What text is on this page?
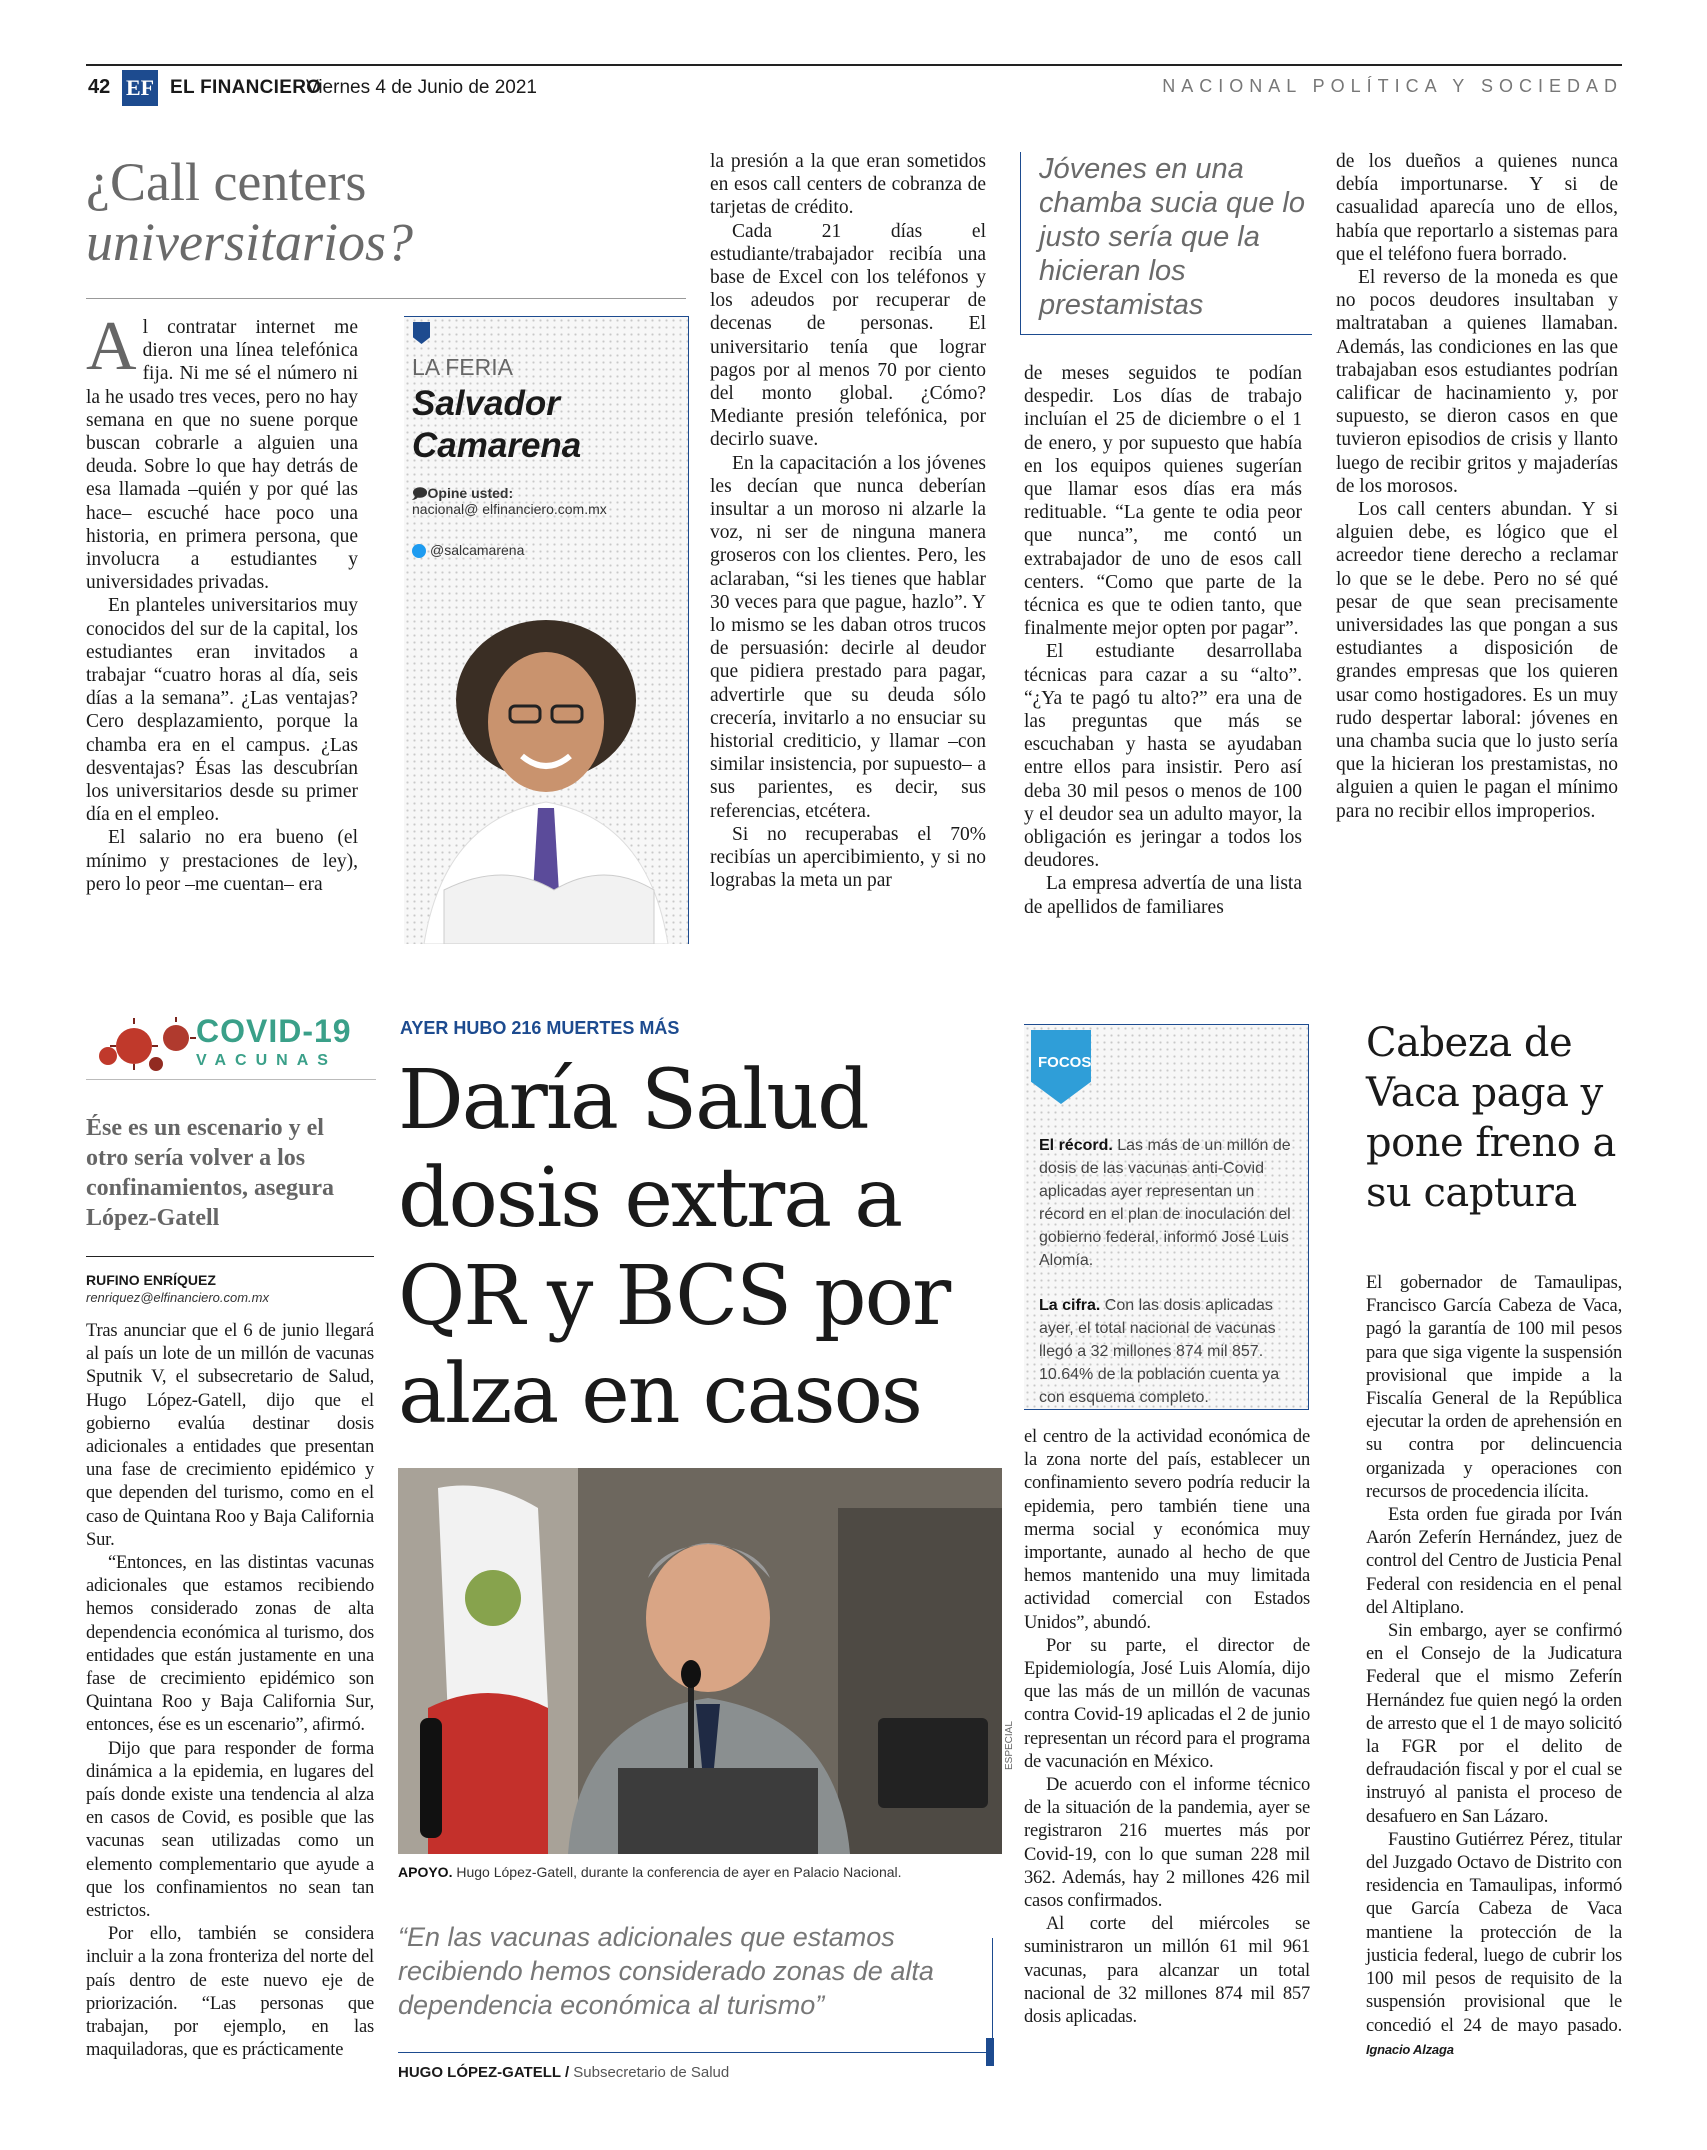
42 EF EL FINANCIERO
Viernes 4 de Junio de 2021	NACIONAL POLÍTICA Y SOCIEDAD
¿Call centers
universitarios?

Al contratar internet me dieron una línea telefónica fija. Ni me sé el número ni la he usado tres veces, pero no hay semana en que no suene porque buscan cobrarle a alguien una deuda. Sobre lo que hay detrás de esa llamada –quién y por qué las hace– escuché hace poco una historia, en primera persona, que involucra a estudiantes y universidades privadas.

En planteles universitarios muy conocidos del sur de la capital, los estudiantes eran invitados a trabajar “cuatro horas al día, seis días a la semana”. ¿Las ventajas? Cero desplazamiento, porque la chamba era en el campus. ¿Las desventajas? Ésas las descubrían los universitarios desde su primer día en el empleo.

El salario no era bueno (el mínimo y prestaciones de ley), pero lo peor –me cuentan– era

LA FERIA
Salvador
Camarena
🗩Opine usted:
nacional@ elfinanciero.com.mx
@salcamarena

la presión a la que eran sometidos en esos call centers de cobranza de tarjetas de crédito.

Cada 21 días el estudiante/trabajador recibía una base de Excel con los teléfonos y los adeudos por recuperar de decenas de personas. El universitario tenía que lograr pagos por al menos 70 por ciento del monto global. ¿Cómo? Mediante presión telefónica, por decirlo suave.

En la capacitación a los jóvenes les decían que nunca deberían insultar a un moroso ni alzarle la voz, ni ser de ninguna manera groseros con los clientes. Pero, les aclaraban, “si les tienes que hablar 30 veces para que pague, hazlo”. Y lo mismo se les daban otros trucos de persuasión: decirle al deudor que pidiera prestado para pagar, advertirle que su deuda sólo crecería, invitarlo a no ensuciar su historial crediticio, y llamar –con similar insistencia, por supuesto– a sus parientes, es decir, sus referencias, etcétera.

Si no recuperabas el 70% recibías un apercibimiento, y si no lograbas la meta un par

Jóvenes en una chamba sucia que lo justo sería que la hicieran los prestamistas

de meses seguidos te podían despedir. Los días de trabajo incluían el 25 de diciembre o el 1 de enero, y por supuesto que había en los equipos quienes sugerían que llamar esos días era más redituable. “La gente te odia peor que nunca”, me contó un extrabajador de uno de esos call centers. “Como que parte de la técnica es que te odien tanto, que finalmente mejor opten por pagar”.

El estudiante desarrollaba técnicas para cazar a su “alto”. “¿Ya te pagó tu alto?” era una de las preguntas que más se escuchaban y hasta se ayudaban entre ellos para insistir. Pero así deba 30 mil pesos o menos de 100 y el deudor sea un adulto mayor, la obligación es jeringar a todos los deudores.

La empresa advertía de una lista de apellidos de familiares

de los dueños a quienes nunca debía importunarse. Y si de casualidad aparecía uno de ellos, había que reportarlo a sistemas para que el teléfono fuera borrado.

El reverso de la moneda es que no pocos deudores insultaban y maltrataban a quienes llamaban. Además, las condiciones en las que trabajaban esos estudiantes podrían calificar de hacinamiento y, por supuesto, se dieron casos en que tuvieron episodios de crisis y llanto luego de recibir gritos y majaderías de los morosos.

Los call centers abundan. Y si alguien debe, es lógico que el acreedor tiene derecho a reclamar lo que se le debe. Pero no sé qué pesar de que sean precisamente universidades las que pongan a sus estudiantes a disposición de grandes empresas que los quieren usar como hostigadores. Es un muy rudo despertar laboral: jóvenes en una chamba sucia que lo justo sería que la hicieran los prestamistas, no alguien a quien le pagan el mínimo para no recibir ellos improperios.

COVID-19
VACUNAS
Ése es un escenario y el otro sería volver a los confinamientos, asegura López-Gatell
RUFINO ENRÍQUEZ
renriquez@elfinanciero.com.mx

Tras anunciar que el 6 de junio llegará al país un lote de un millón de vacunas Sputnik V, el subsecretario de Salud, Hugo López-Gatell, dijo que el gobierno evalúa destinar dosis adicionales a entidades que presentan una fase de crecimiento epidémico y que dependen del turismo, como en el caso de Quintana Roo y Baja California Sur.

“Entonces, en las distintas vacunas adicionales que estamos recibiendo hemos considerado zonas de alta dependencia económica al turismo, dos entidades que están justamente en una fase de crecimiento epidémico son Quintana Roo y Baja California Sur, entonces, ése es un escenario”, afirmó.

Dijo que para responder de forma dinámica a la epidemia, en lugares del país donde existe una tendencia al alza en casos de Covid, es posible que las vacunas sean utilizadas como un elemento complementario que ayude a que los confinamientos no sean tan estrictos.

Por ello, también se considera incluir a la zona fronteriza del norte del país dentro de este nuevo eje de priorización. “Las personas que trabajan, por ejemplo, en las maquiladoras, que es prácticamente

AYER HUBO 216 MUERTES MÁS
Daría Salud dosis extra a QR y BCS por alza en casos
ESPECIAL
APOYO. Hugo López-Gatell, durante la conferencia de ayer en Palacio Nacional.
“En las vacunas adicionales que estamos recibiendo hemos considerado zonas de alta dependencia económica al turismo”
HUGO LÓPEZ-GATELL / Subsecretario de Salud
FOCOS

El récord. Las más de un millón de dosis de las vacunas anti-Covid aplicadas ayer representan un récord en el plan de inoculación del gobierno federal, informó José Luis Alomía.

La cifra. Con las dosis aplicadas ayer, el total nacional de vacunas llegó a 32 millones 874 mil 857. 10.64% de la población cuenta ya con esquema completo.

el centro de la actividad económica de la zona norte del país, establecer un confinamiento severo podría reducir la epidemia, pero también tiene una merma social y económica muy importante, aunado al hecho de que hemos mantenido una muy limitada actividad comercial con Estados Unidos”, abundó.

Por su parte, el director de Epidemiología, José Luis Alomía, dijo que las más de un millón de vacunas contra Covid-19 aplicadas el 2 de junio representan un récord para el programa de vacunación en México.

De acuerdo con el informe técnico de la situación de la pandemia, ayer se registraron 216 muertes más por Covid-19, con lo que suman 228 mil 362. Además, hay 2 millones 426 mil casos confirmados.

Al corte del miércoles se suministraron un millón 61 mil 961 vacunas, para alcanzar un total nacional de 32 millones 874 mil 857 dosis aplicadas.

Cabeza de Vaca paga y pone freno a su captura

El gobernador de Tamaulipas, Francisco García Cabeza de Vaca, pagó la garantía de 100 mil pesos para que siga vigente la suspensión provisional que impide a la Fiscalía General de la República ejecutar la orden de aprehensión en su contra por delincuencia organizada y operaciones con recursos de procedencia ilícita.

Esta orden fue girada por Iván Aarón Zeferín Hernández, juez de control del Centro de Justicia Penal Federal con residencia en el penal del Altiplano.

Sin embargo, ayer se confirmó en el Consejo de la Judicatura Federal que el mismo Zeferín Hernández fue quien negó la orden de arresto que el 1 de mayo solicitó la FGR por el delito de defraudación fiscal y por el cual se instruyó al panista el proceso de desafuero en San Lázaro.

Faustino Gutiérrez Pérez, titular del Juzgado Octavo de Distrito con residencia en Tamaulipas, informó que García Cabeza de Vaca mantiene la protección de la justicia federal, luego de cubrir los 100 mil pesos de requisito de la suspensión provisional que le concedió el 24 de mayo pasado. Ignacio Alzaga
